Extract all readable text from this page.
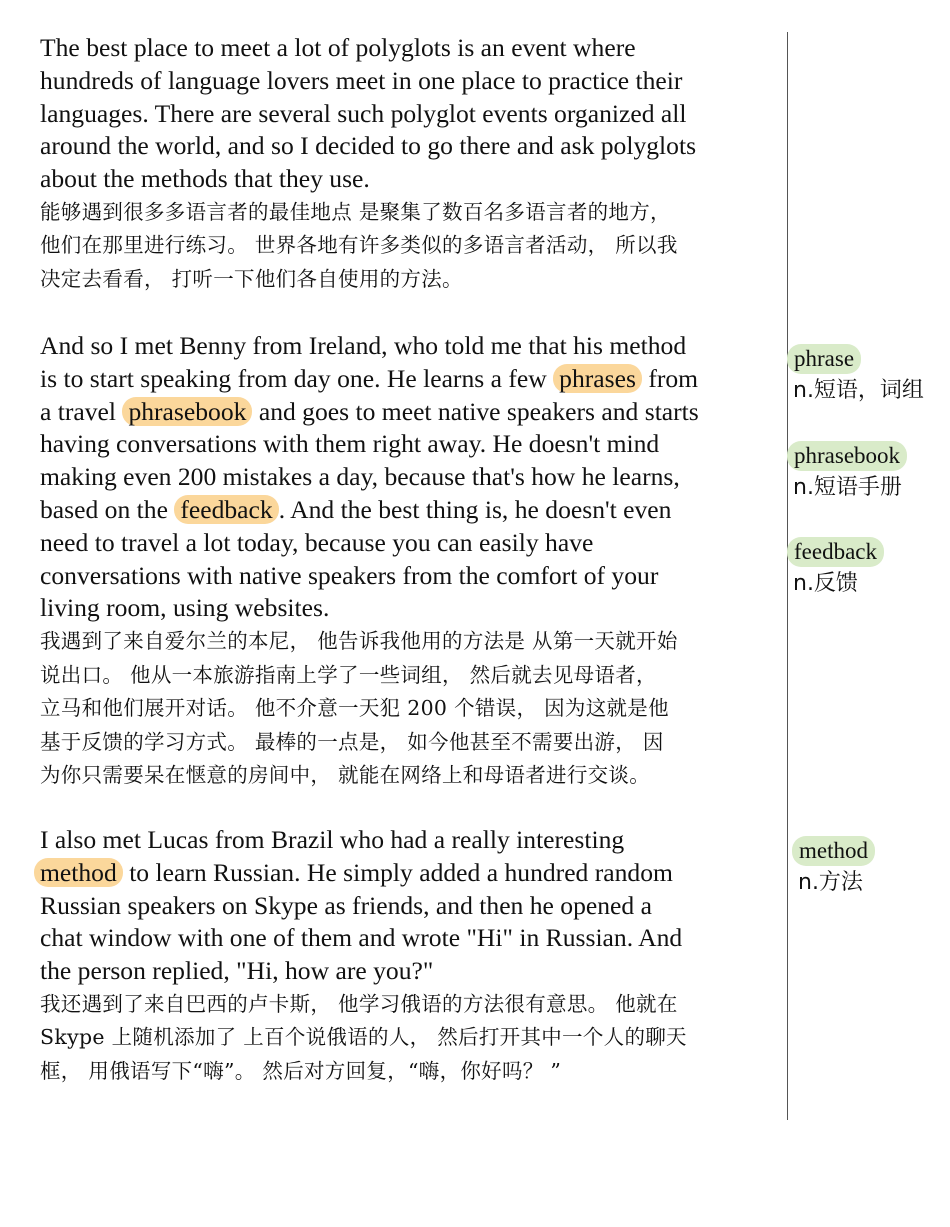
The best place to meet a lot of polyglots is an event where

hundreds of language lovers meet in one place to practice their

languages. There are several such polyglot events organized all

around the world, and so I decided to go there and ask polyglots

about the methods that they use.

能够遇到很多多语言者的最佳地点 是聚集了数百名多语言者的地方，

他们在那里进行练习。 世界各地有许多类似的多语言者活动， 所以我

决定去看看， 打听一下他们各自使用的方法。

And so I met Benny from Ireland, who told me that his method

is to start speaking from day one. He learns a few phrases from

a travel phrasebook and goes to meet native speakers and starts

having conversations with them right away. He doesn't mind

making even 200 mistakes a day, because that's how he learns,

based on the feedback . And the best thing is, he doesn't even

need to travel a lot today, because you can easily have

conversations with native speakers from the comfort of your

living room, using websites.

我遇到了来自爱尔兰的本尼， 他告诉我他用的方法是 从第一天就开始

说出口。 他从一本旅游指南上学了一些词组， 然后就去见母语者，

立马和他们展开对话。 他不介意一天犯 200 个错误， 因为这就是他

基于反馈的学习方式。 最棒的一点是， 如今他甚至不需要出游， 因

为你只需要呆在惬意的房间中， 就能在网络上和母语者进行交谈。

I also met Lucas from Brazil who had a really interesting

method to learn Russian. He simply added a hundred random

Russian speakers on Skype as friends, and then he opened a

chat window with one of them and wrote "Hi" in Russian. And

the person replied, "Hi, how are you?"

我还遇到了来自巴西的卢卡斯， 他学习俄语的方法很有意思。 他就在

Skype 上随机添加了 上百个说俄语的人， 然后打开其中一个人的聊天

框， 用俄语写下“嗨”。 然后对方回复，“嗨，你好吗？ ”

phrase
n.短语，词组
phrasebook
n.短语手册
feedback
n.反馈
method
n.方法
